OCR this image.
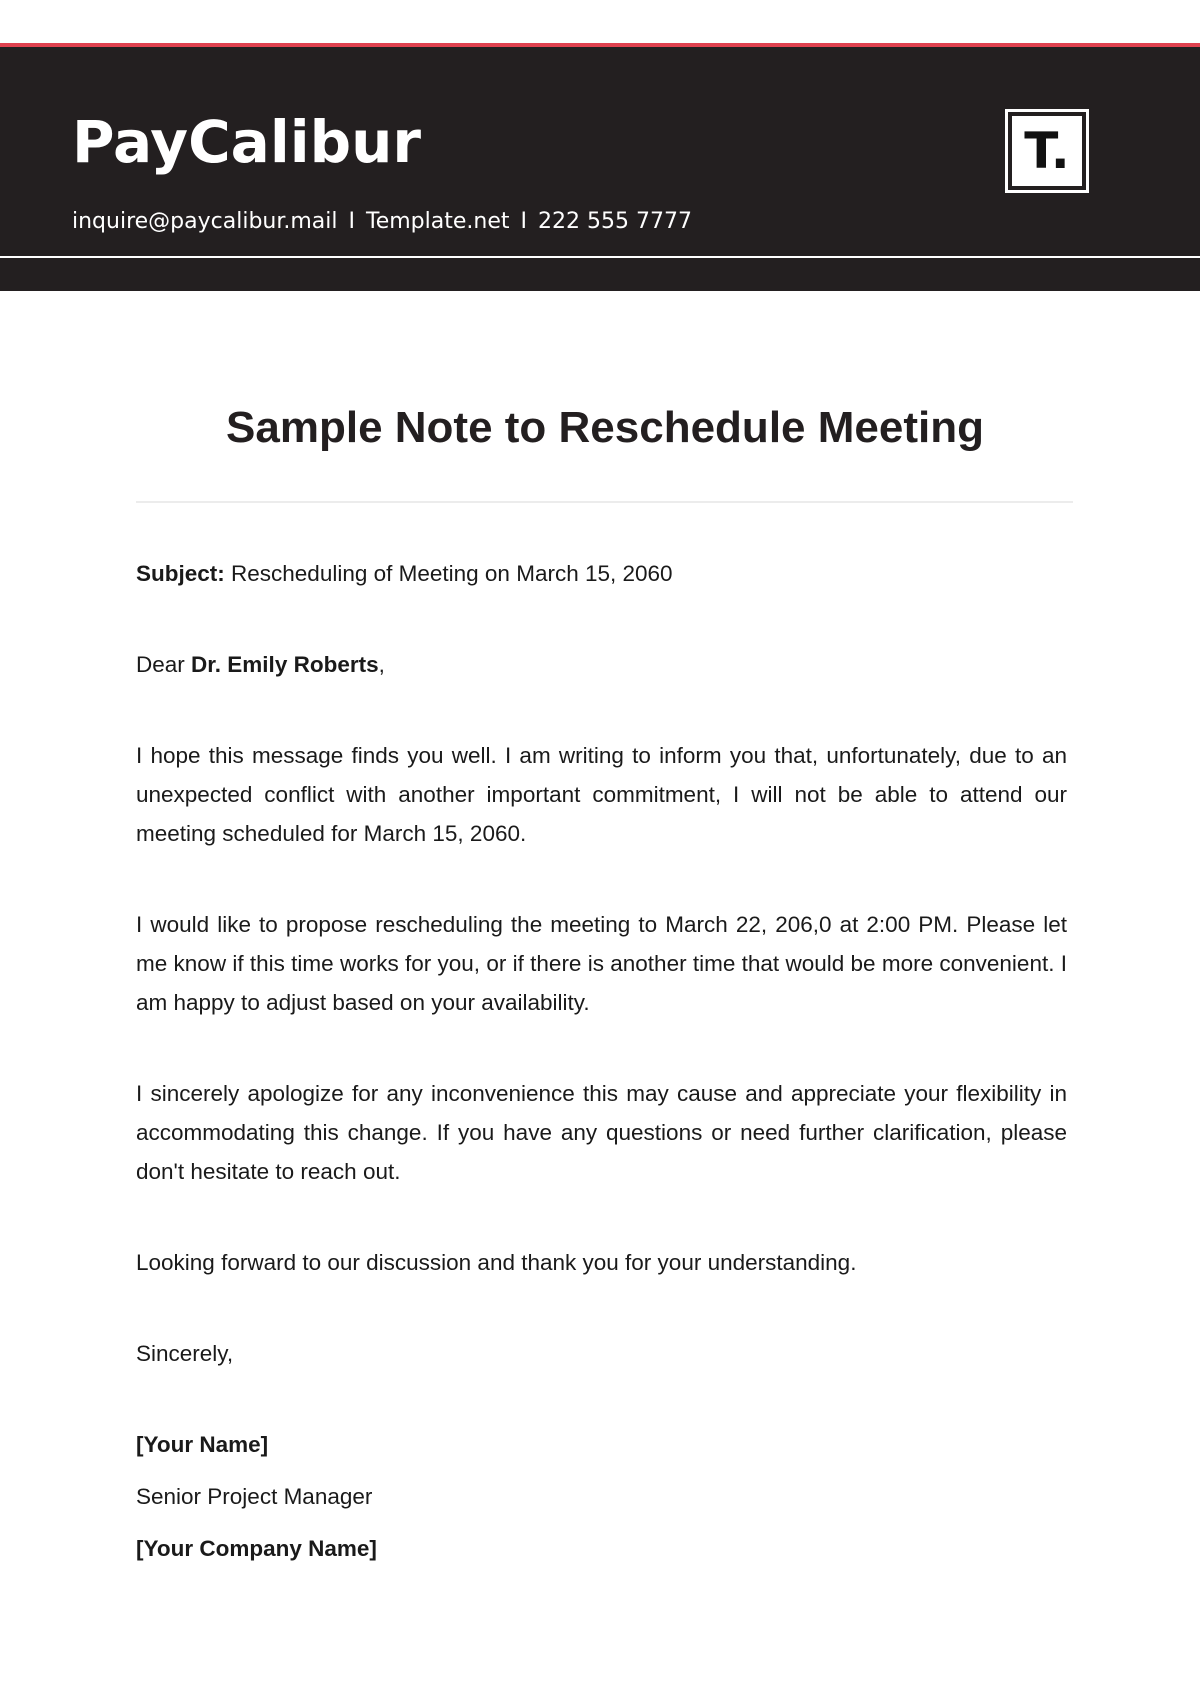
PayCalibur
inquire@paycalibur.mail I Template.net I 222 555 7777
T.
Sample Note to Reschedule Meeting

Subject: Rescheduling of Meeting on March 15, 2060

Dear Dr. Emily Roberts,

I hope this message finds you well. I am writing to inform you that, unfortunately, due to an unexpected conflict with another important commitment, I will not be able to attend our meeting scheduled for March 15, 2060.

I would like to propose rescheduling the meeting to March 22, 206,0 at 2:00 PM. Please let me know if this time works for you, or if there is another time that would be more convenient. I am happy to adjust based on your availability.

I sincerely apologize for any inconvenience this may cause and appreciate your flexibility in accommodating this change. If you have any questions or need further clarification, please don't hesitate to reach out.

Looking forward to our discussion and thank you for your understanding.

Sincerely,

[Your Name]

Senior Project Manager

[Your Company Name]
